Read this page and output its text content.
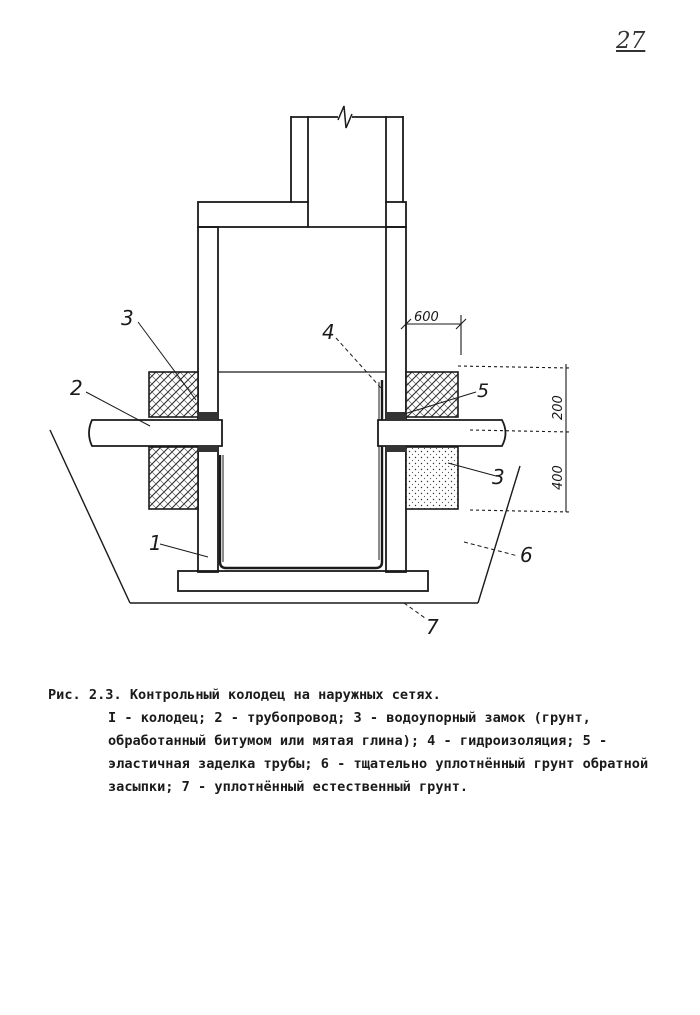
27
3
2
1
4
5
3
6
7
600
200
400
Рис. 2.3. Контрольный колодец на наружных сетях.
I - колодец; 2 - трубопровод; 3 - водоупорный замок (грунт, обработанный битумом или мятая глина); 4 - гидроизоляция; 5 - эластичная заделка трубы; 6 - тщательно уплотнённый грунт обратной засыпки; 7 - уплотнённый естественный грунт.
